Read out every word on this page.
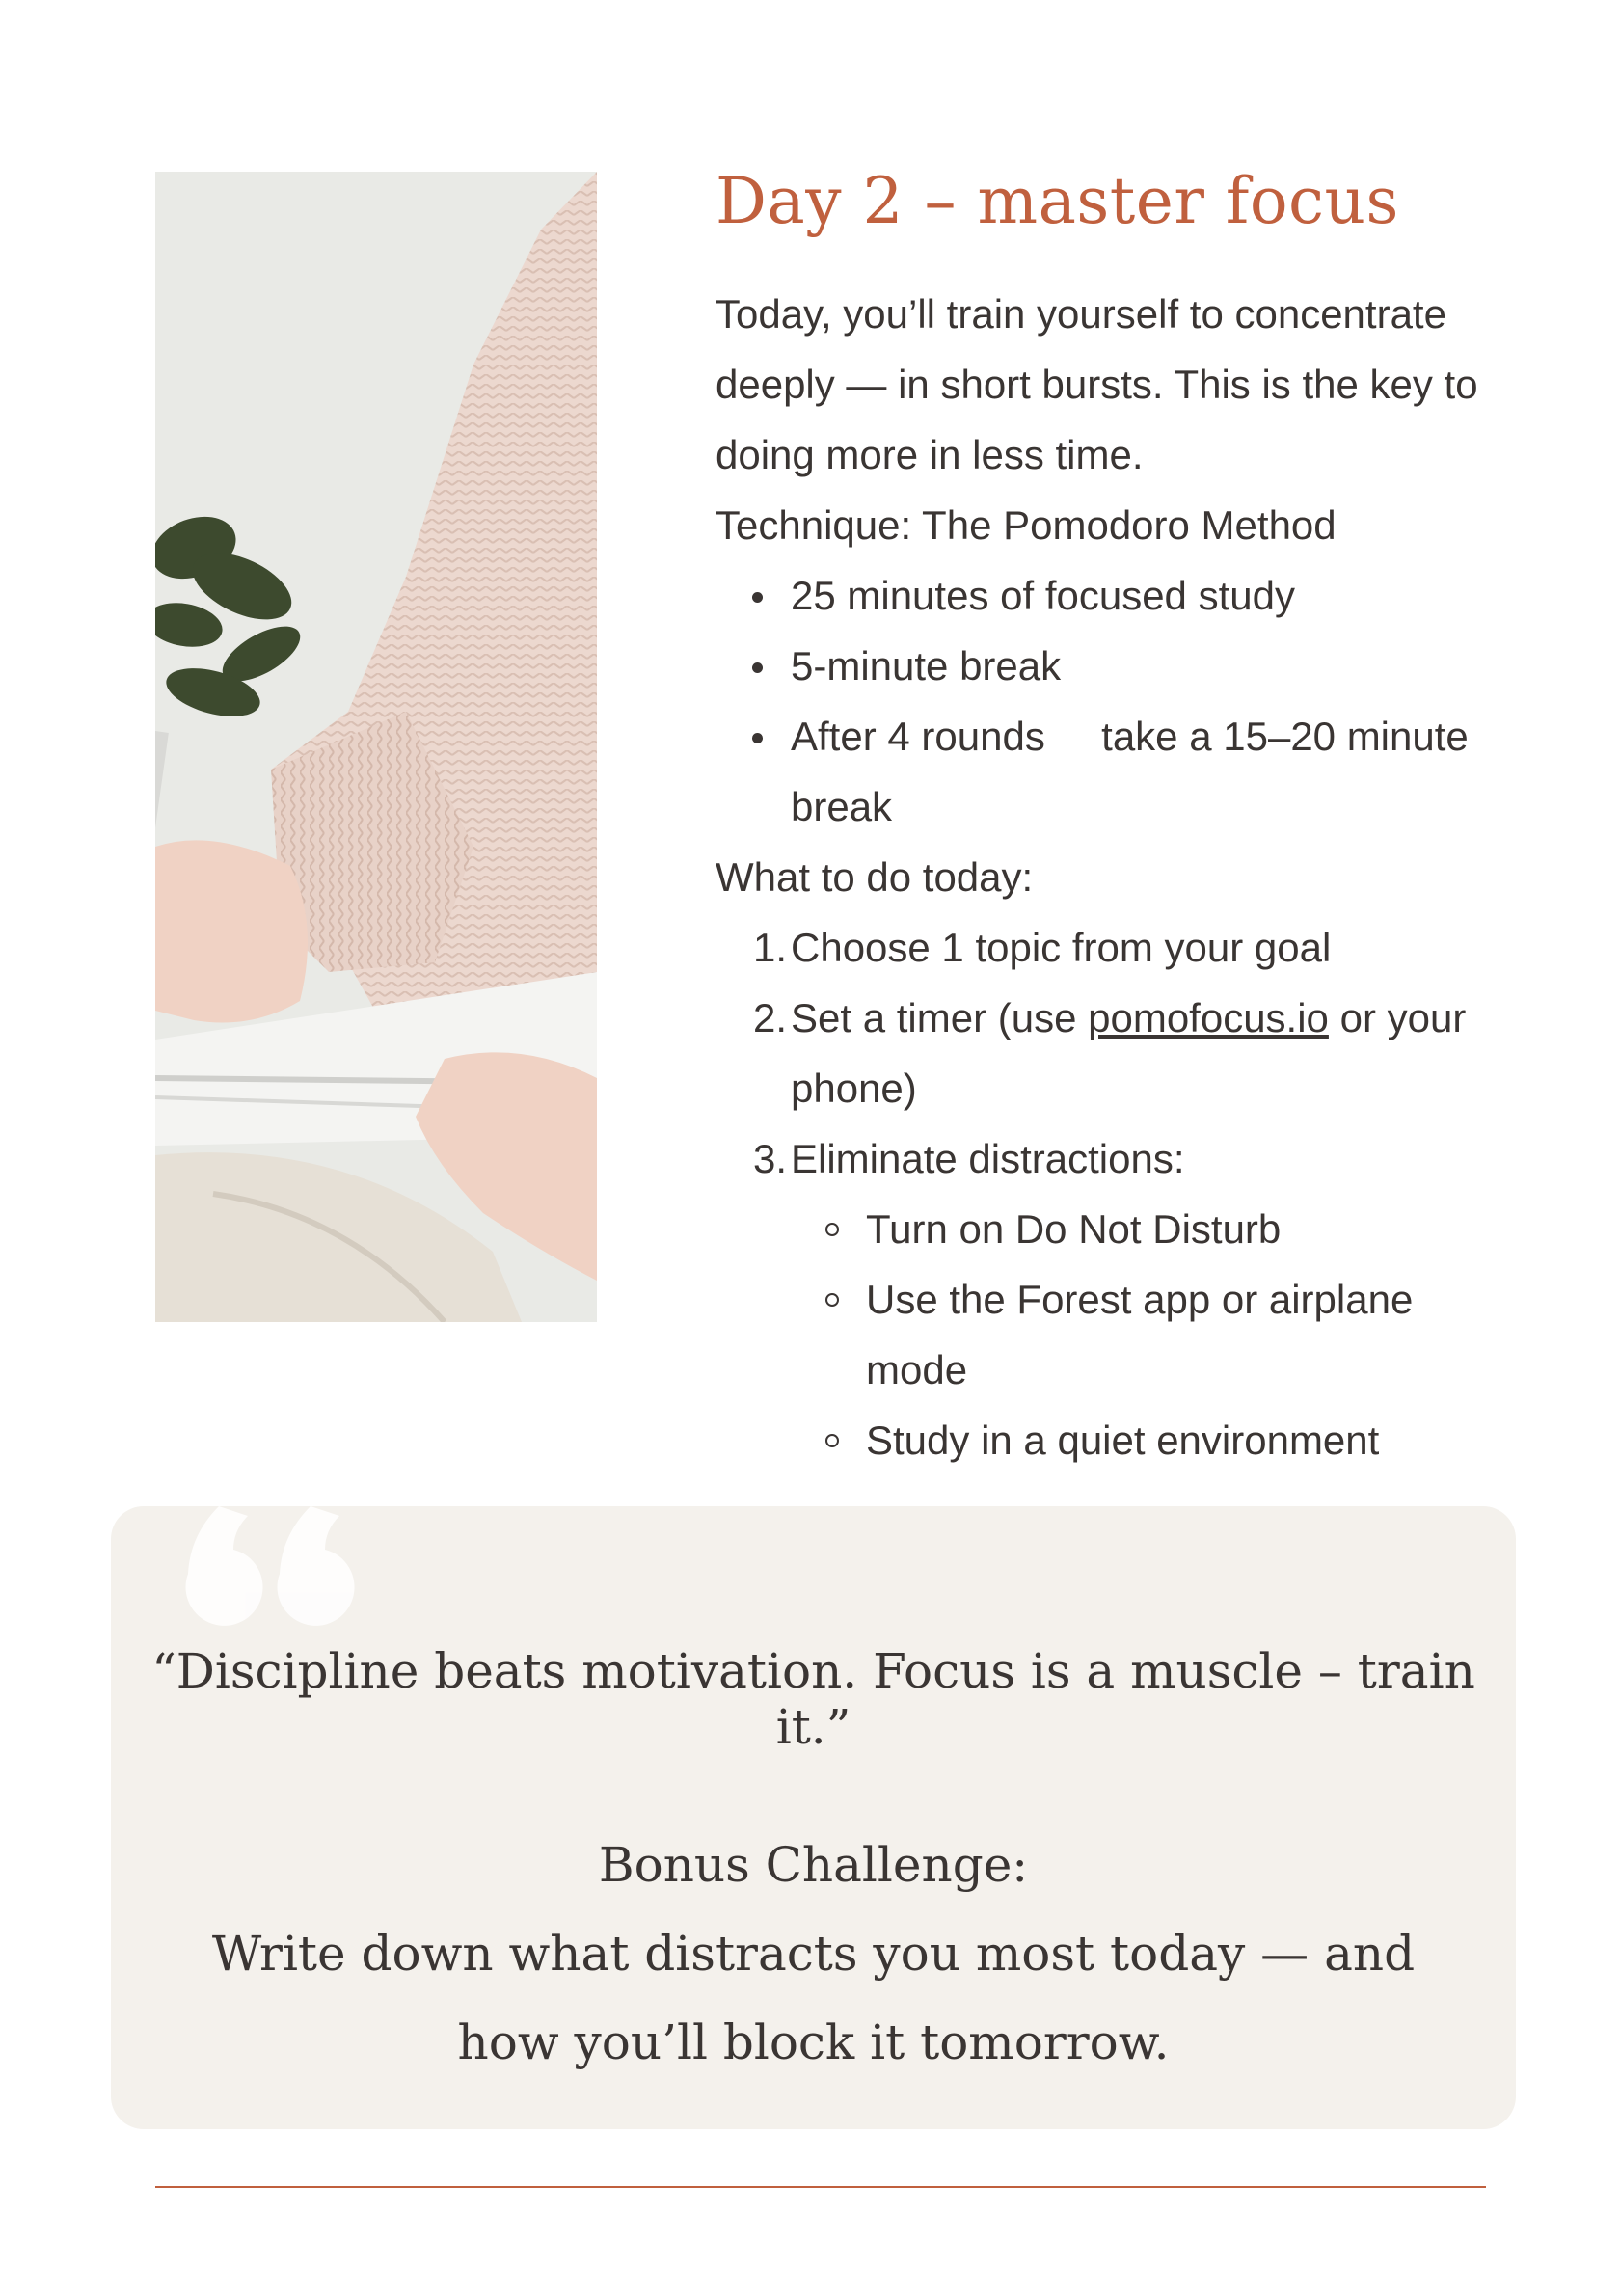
Day 2 – master focus

Today, you’ll train yourself to concentrate deeply — in short bursts. This is the key to doing more in less time.

Technique: The Pomodoro Method

25 minutes of focused study
5-minute break
After 4 rounds     take a 15–20 minute break

What to do today:

1. Choose 1 topic from your goal
2. Set a timer (use pomofocus.io or your phone)
3. Eliminate distractions:
Turn on Do Not Disturb
Use the Forest app or airplane mode
Study in a quiet environment
“Discipline beats motivation. Focus is a muscle – train it.”
Bonus Challenge:
Write down what distracts you most today — and how you’ll block it tomorrow.
